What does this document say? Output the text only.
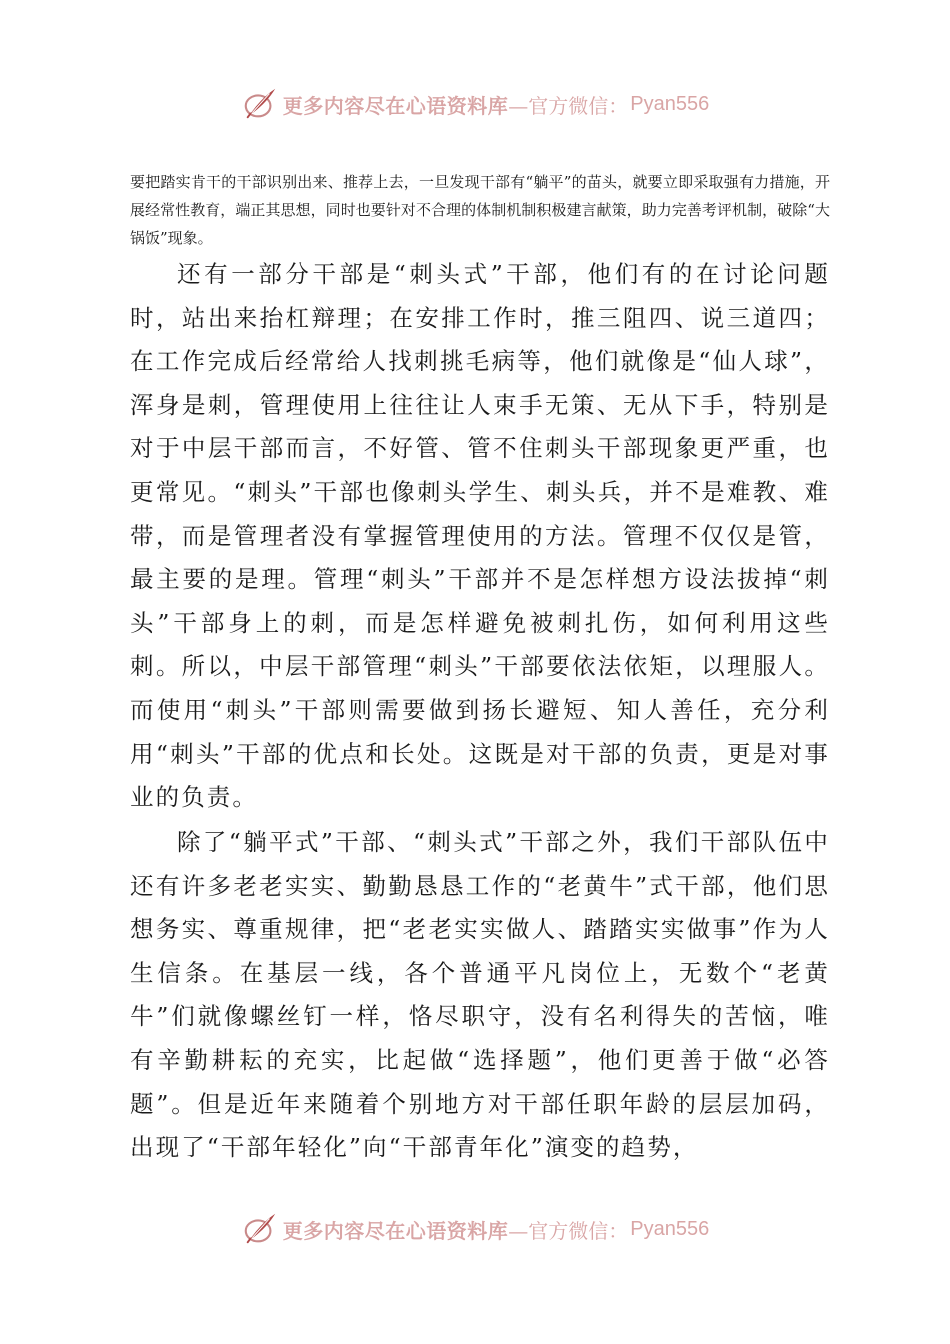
更多内容尽在心语资料库 —官方微信： Pyan556

要把踏实肯干的干部识别出来、推荐上去，一旦发现干部有“躺平”的苗头，就要立即采取强有力措施，开展经常性教育，端正其思想，同时也要针对不合理的体制机制积极建言献策，助力完善考评机制，破除“大锅饭”现象。

还有一部分干部是“刺头式”干部，他们有的在讨论问题时，站出来抬杠辩理；在安排工作时，推三阻四、说三道四；在工作完成后经常给人找刺挑毛病等，他们就像是“仙人球”，浑身是刺，管理使用上往往让人束手无策、无从下手，特别是对于中层干部而言，不好管、管不住刺头干部现象更严重，也更常见。“刺头”干部也像刺头学生、刺头兵，并不是难教、难带，而是管理者没有掌握管理使用的方法。管理不仅仅是管，最主要的是理。管理“刺头”干部并不是怎样想方设法拔掉“刺头”干部身上的刺，而是怎样避免被刺扎伤，如何利用这些刺。所以，中层干部管理“刺头”干部要依法依矩，以理服人。而使用“刺头”干部则需要做到扬长避短、知人善任，充分利用“刺头”干部的优点和长处。这既是对干部的负责，更是对事业的负责。

除了“躺平式”干部、“刺头式”干部之外，我们干部队伍中还有许多老老实实、勤勤恳恳工作的“老黄牛”式干部，他们思想务实、尊重规律，把“老老实实做人、踏踏实实做事”作为人生信条。在基层一线，各个普通平凡岗位上，无数个“老黄牛”们就像螺丝钉一样，恪尽职守，没有名利得失的苦恼，唯有辛勤耕耘的充实，比起做“选择题”，他们更善于做“必答题”。但是近年来随着个别地方对干部任职年龄的层层加码，出现了“干部年轻化”向“干部青年化”演变的趋势，

更多内容尽在心语资料库 —官方微信： Pyan556
